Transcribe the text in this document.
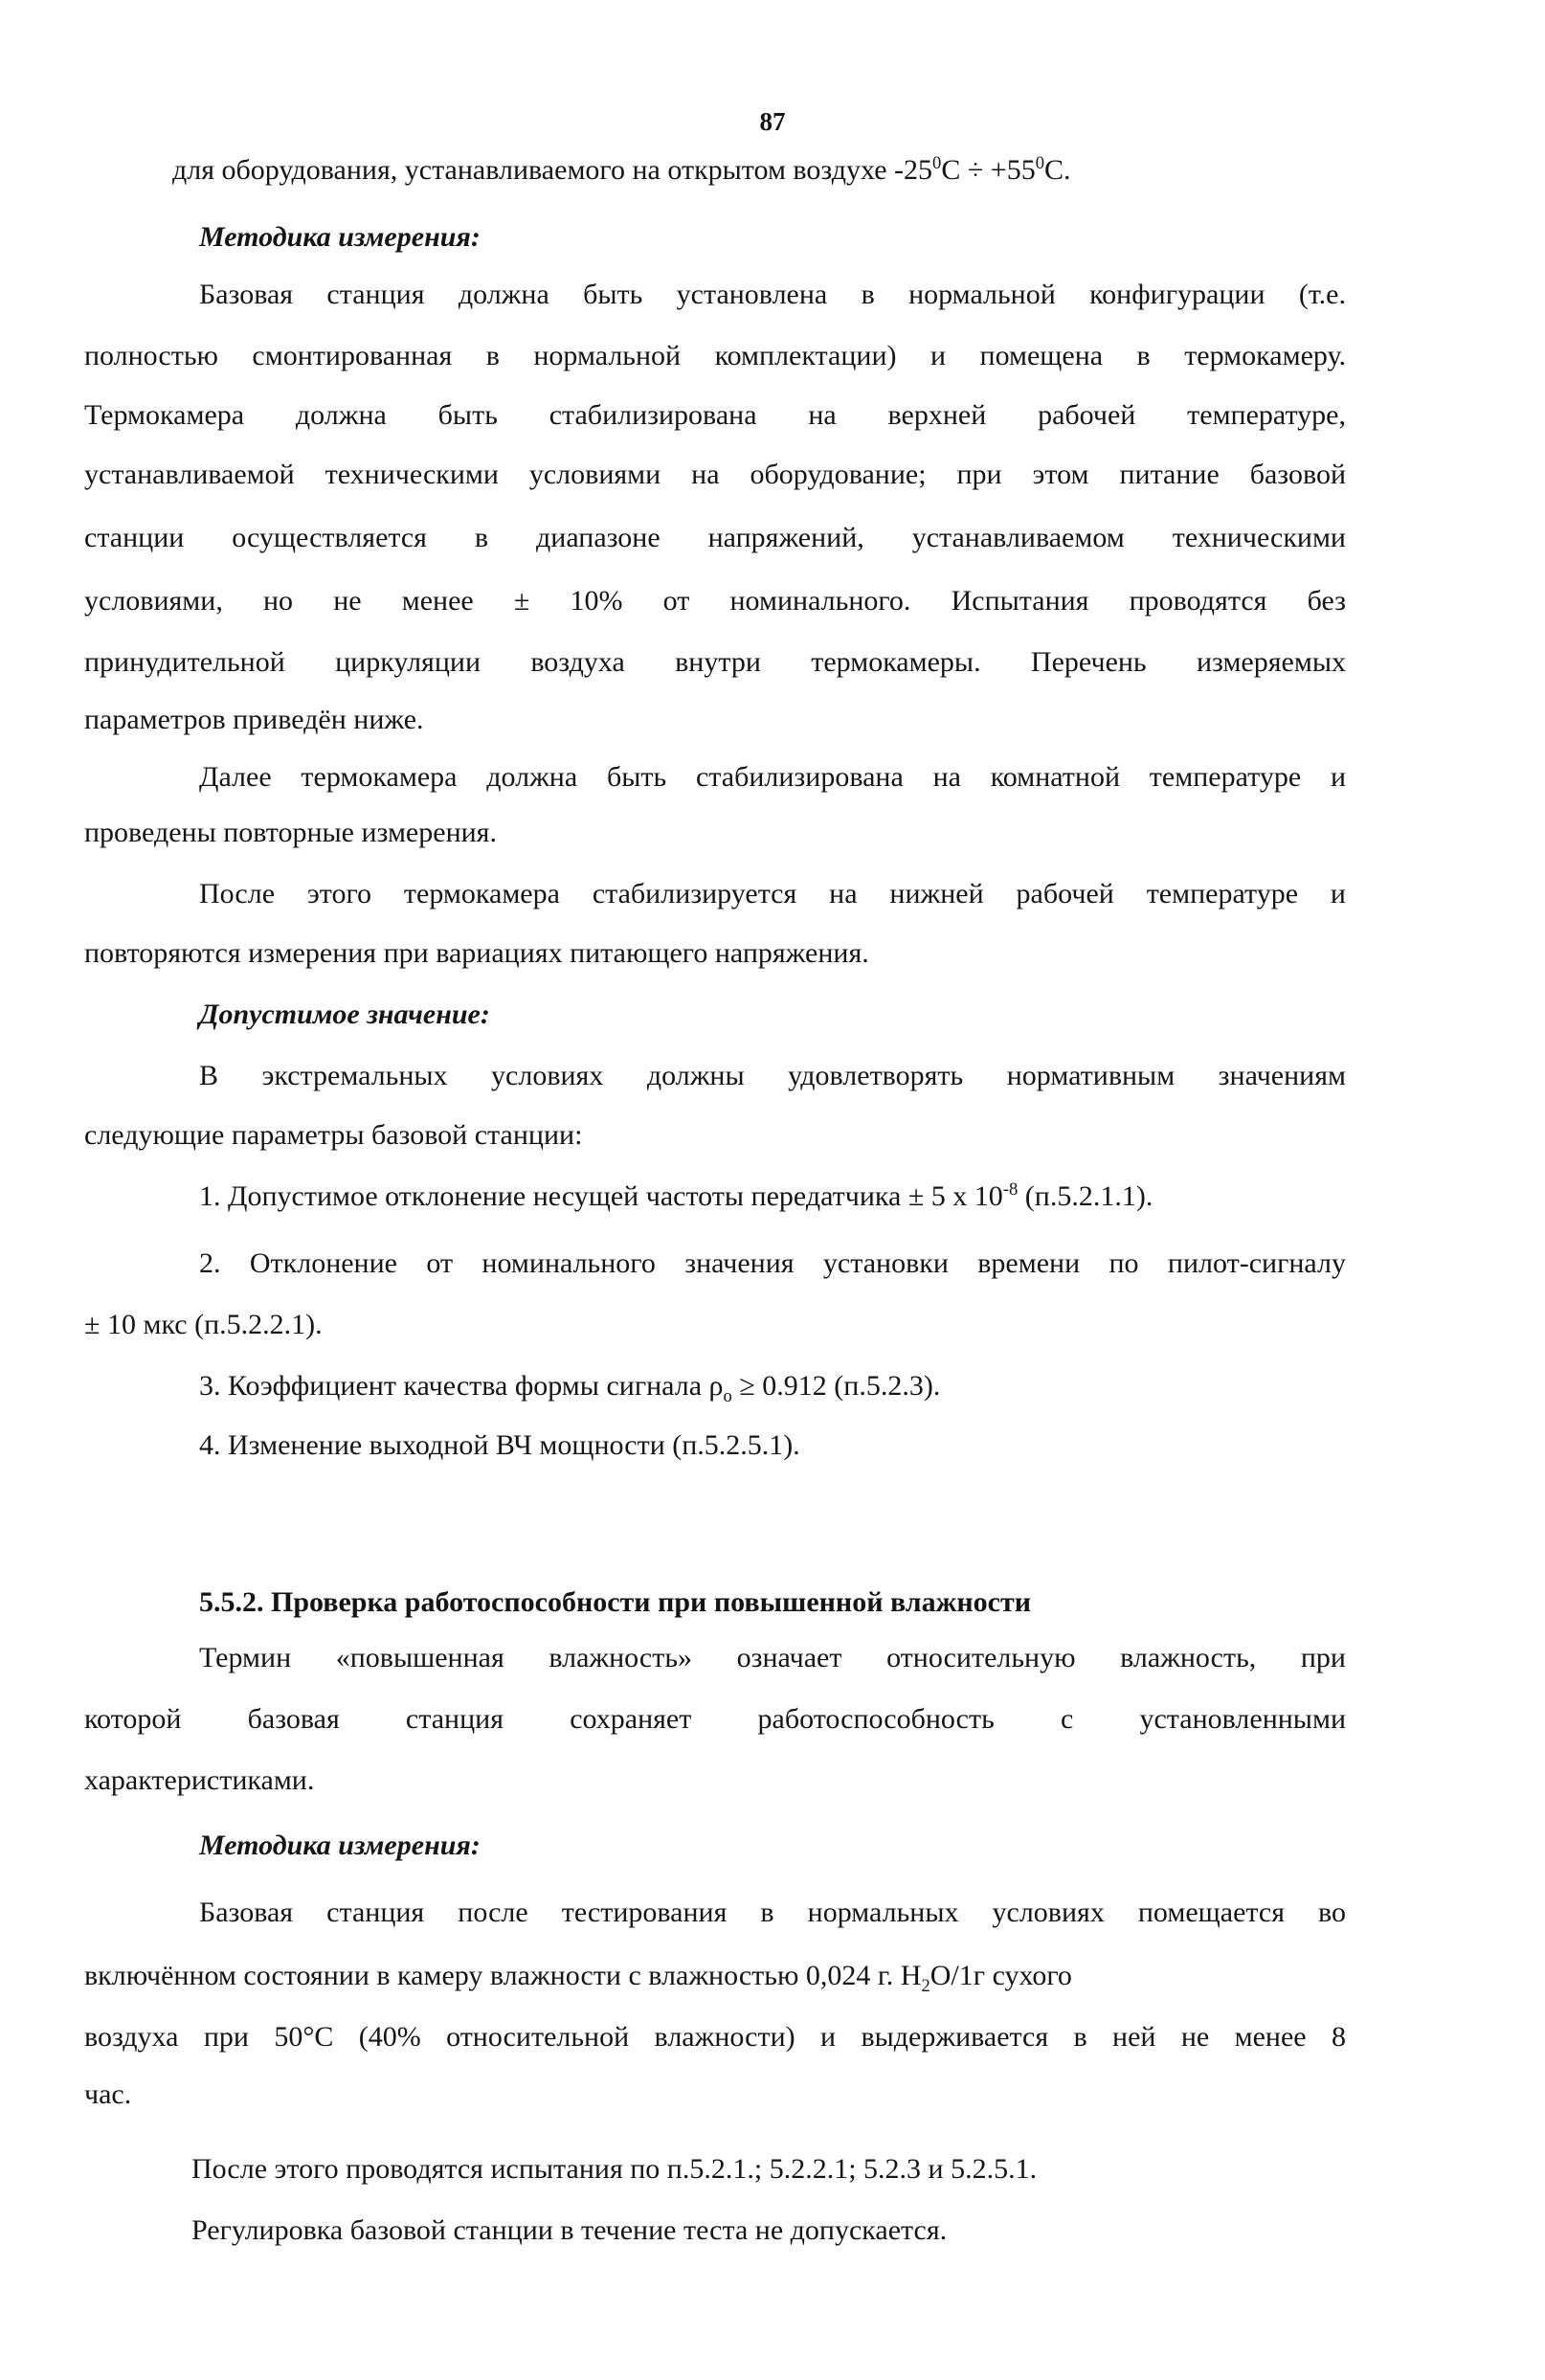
87
для оборудования, устанавливаемого на открытом воздухе $-25^0С \div +55^0С$.
Методика измерения:
Базовая станция должна быть установлена в нормальной конфигурации (т.е.
полностью смонтированная в нормальной комплектации) и помещена в термокамеру.
Термокамера должна быть стабилизирована на верхней рабочей температуре,
устанавливаемой техническими условиями на оборудование; при этом питание базовой
станции осуществляется в диапазоне напряжений, устанавливаемом техническими
условиями, но не менее ± 10% от номинального. Испытания проводятся без
принудительной циркуляции воздуха внутри термокамеры. Перечень измеряемых
параметров приведён ниже.
Далее термокамера должна быть стабилизирована на комнатной температуре и
проведены повторные измерения.
После этого термокамера стабилизируется на нижней рабочей температуре и
повторяются измерения при вариациях питающего напряжения.
Допустимое значение:
В экстремальных условиях должны удовлетворять нормативным значениям
следующие параметры базовой станции:
1. Допустимое отклонение несущей частоты передатчика ± 5 x $10^{-8}$ (п.5.2.1.1).
2. Отклонение от номинального значения установки времени по пилот-сигналу
± 10 мкс (п.5.2.2.1).
3. Коэффициент качества формы сигнала $\rho_o \ge 0.912$ (п.5.2.3).
4. Изменение выходной ВЧ мощности (п.5.2.5.1).
5.5.2. Проверка работоспособности при повышенной влажности
Термин «повышенная влажность» означает относительную влажность, при
которой базовая станция сохраняет работоспособность с установленными
характеристиками.
Методика измерения:
Базовая станция после тестирования в нормальных условиях помещается во
включённом состоянии в камеру влажности с влажностью 0,024 г. $Н_2О/1г$ сухого
воздуха при 50°С (40% относительной влажности) и выдерживается в ней не менее 8
час.
После этого проводятся испытания по п.5.2.1.; 5.2.2.1; 5.2.3 и 5.2.5.1.
Регулировка базовой станции в течение теста не допускается.
